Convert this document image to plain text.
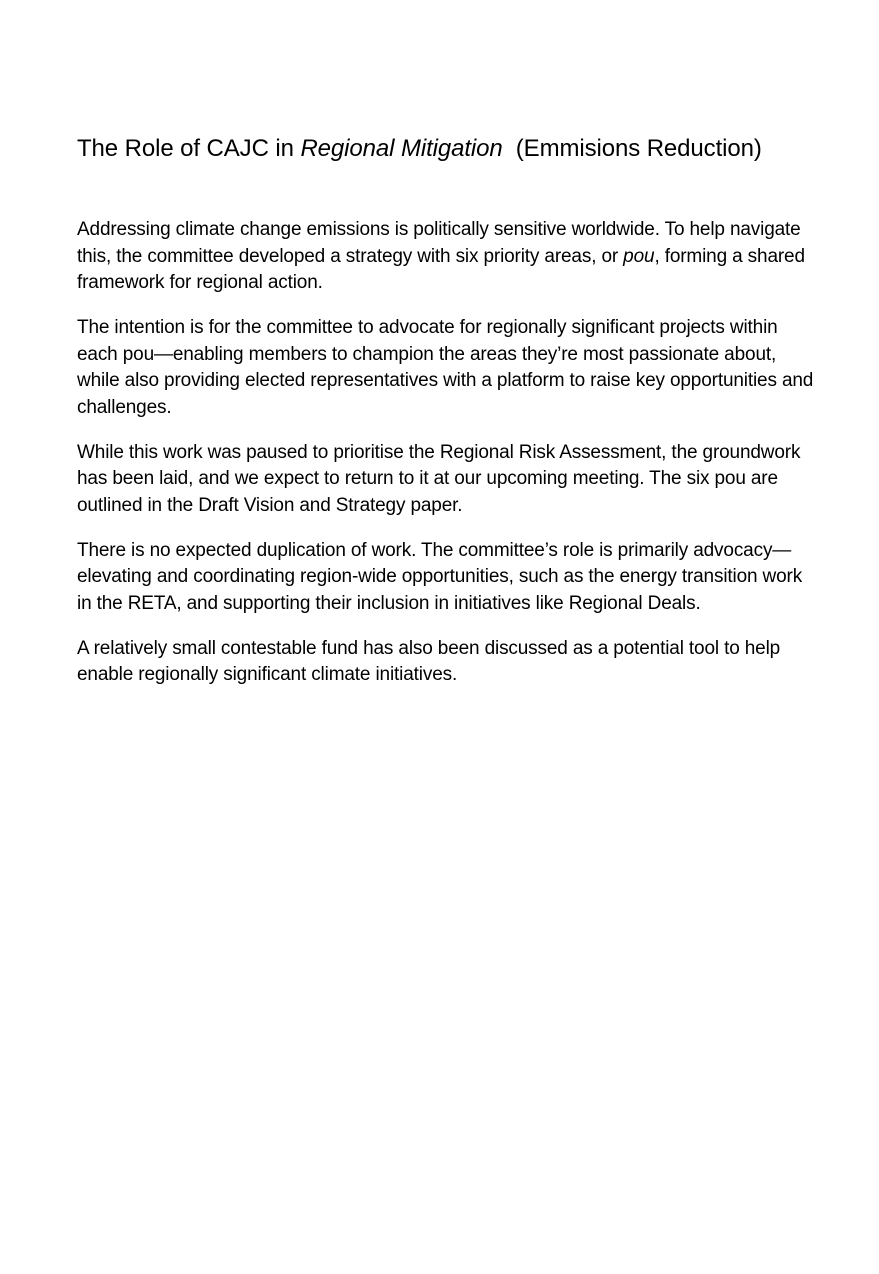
The Role of CAJC in Regional Mitigation  (Emmisions Reduction)

Addressing climate change emissions is politically sensitive worldwide. To help navigate this, the committee developed a strategy with six priority areas, or pou, forming a shared framework for regional action.

The intention is for the committee to advocate for regionally significant projects within each pou—enabling members to champion the areas they’re most passionate about, while also providing elected representatives with a platform to raise key opportunities and challenges.

While this work was paused to prioritise the Regional Risk Assessment, the groundwork has been laid, and we expect to return to it at our upcoming meeting. The six pou are outlined in the Draft Vision and Strategy paper.

There is no expected duplication of work. The committee’s role is primarily advocacy—elevating and coordinating region-wide opportunities, such as the energy transition work in the RETA, and supporting their inclusion in initiatives like Regional Deals.

A relatively small contestable fund has also been discussed as a potential tool to help enable regionally significant climate initiatives.
